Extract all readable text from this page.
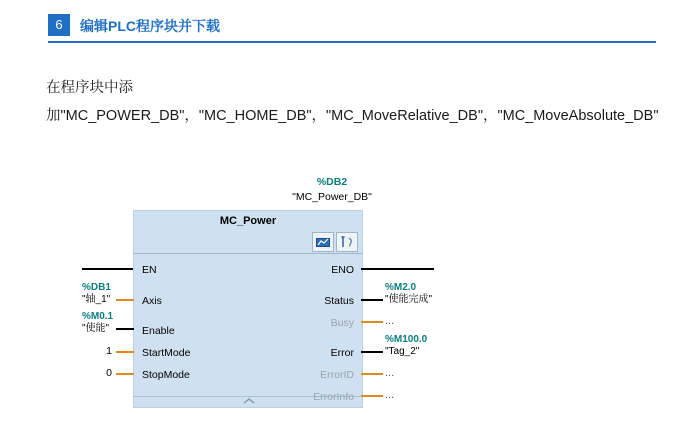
6	编辑PLC程序块并下载
在程序块中添加"MC_POWER_DB"，"MC_HOME_DB"，"MC_MoveRelative_DB"，"MC_MoveAbsolute_DB"
%DB2
"MC_Power_DB"
MC_Power
EN
Axis
Enable
StartMode
StopMode
ENO
Status
Busy
Error
ErrorID
ErrorInfo
%DB1
"轴_1"
%M0.1
"使能"
1
0
%M2.0
"使能完成"
...
%M100.0
"Tag_2"
...
...
